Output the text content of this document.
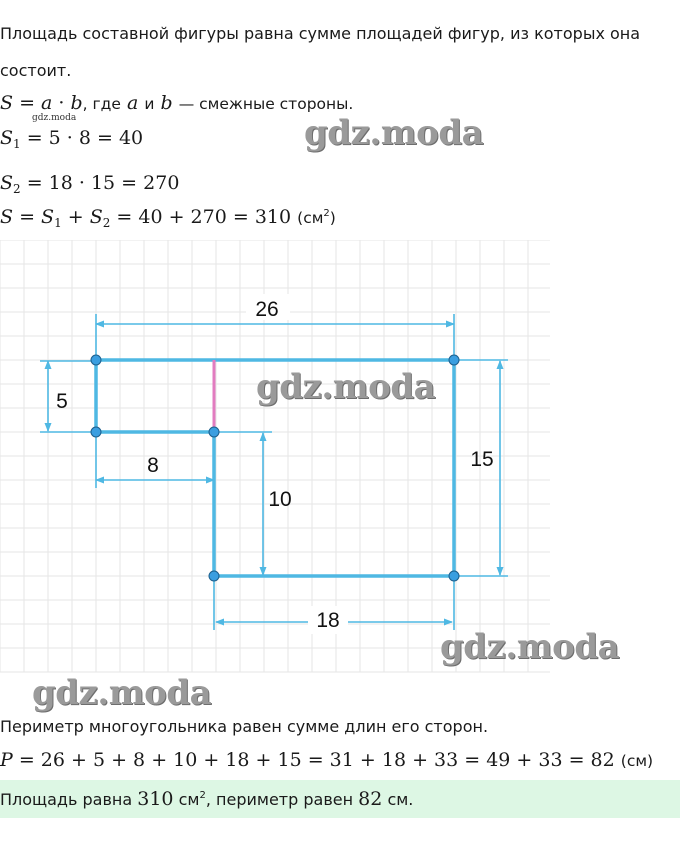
Площадь составной фигуры равна сумме площадей фигур, из которых она
состоит.
S = a · b, где a и b — смежные стороны.
gdz.moda
$S_1 = 5 \cdot 8 = 40$	gdz.moda
$S_2 = 18 \cdot 15 = 270$
$S = S_1 + S_2 = 40 + 270 = 310$ $(см^2)$
26
5
8
10
15
18
gdz.moda
gdz.moda
gdz.moda
Периметр многоугольника равен сумме длин его сторон.
P = 26 + 5 + 8 + 10 + 18 + 15 = 31 + 18 + 33 = 49 + 33 = 82 (см)
Площадь равна 310 $см^2$, периметр равен 82 см.
